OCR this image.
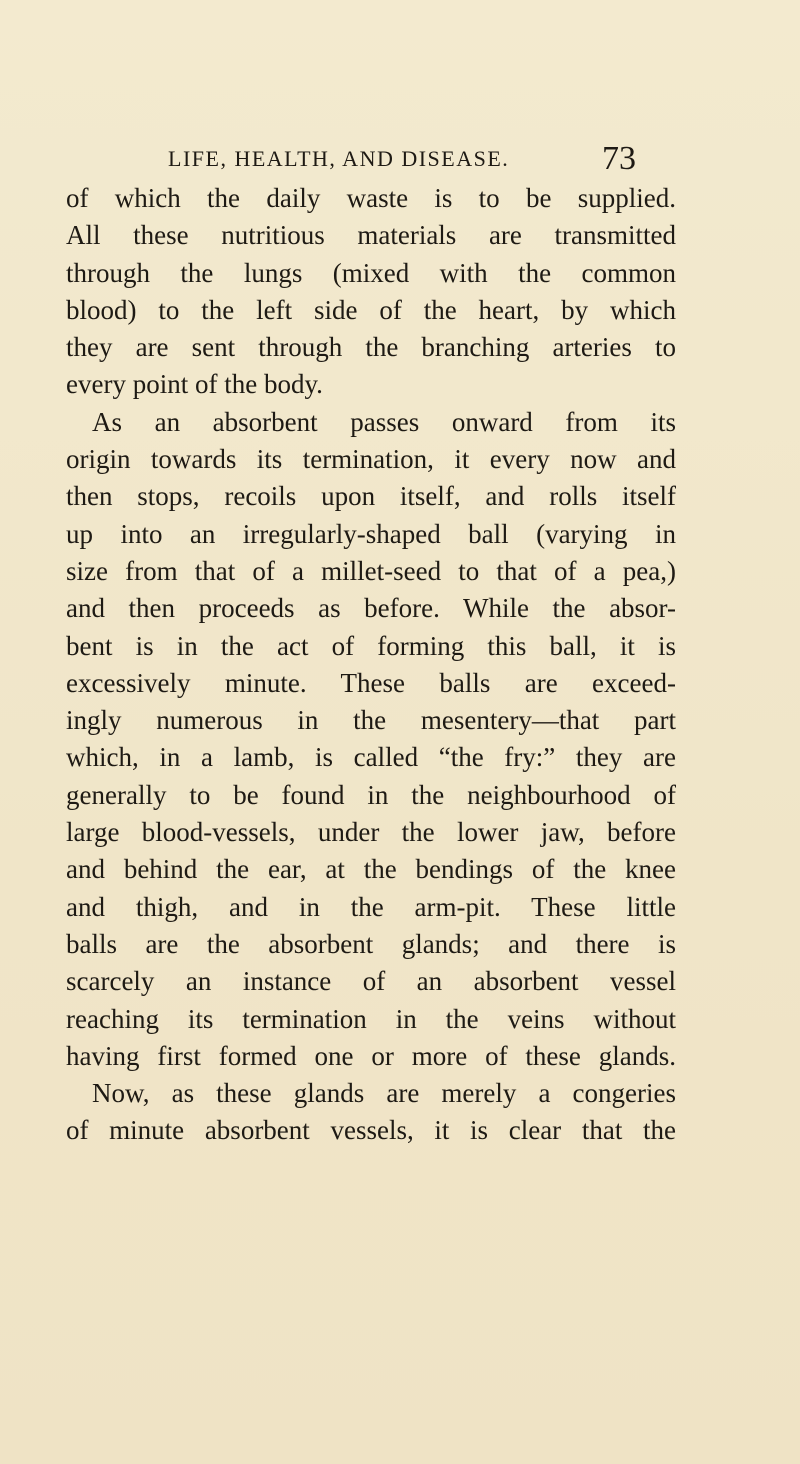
LIFE, HEALTH, AND DISEASE.	73
of which the daily waste is to be supplied.
All these nutritious materials are transmitted
through the lungs (mixed with the common
blood) to the left side of the heart, by which
they are sent through the branching arteries to
every point of the body.
As an absorbent passes onward from its
origin towards its termination, it every now and
then stops, recoils upon itself, and rolls itself
up into an irregularly-shaped ball (varying in
size from that of a millet-seed to that of a pea,)
and then proceeds as before. While the absor-
bent is in the act of forming this ball, it is
excessively minute. These balls are exceed-
ingly numerous in the mesentery—that part
which, in a lamb, is called “the fry:” they are
generally to be found in the neighbourhood of
large blood-vessels, under the lower jaw, before
and behind the ear, at the bendings of the knee
and thigh, and in the arm-pit. These little
balls are the absorbent glands; and there is
scarcely an instance of an absorbent vessel
reaching its termination in the veins without
having first formed one or more of these glands.
Now, as these glands are merely a congeries
of minute absorbent vessels, it is clear that the
